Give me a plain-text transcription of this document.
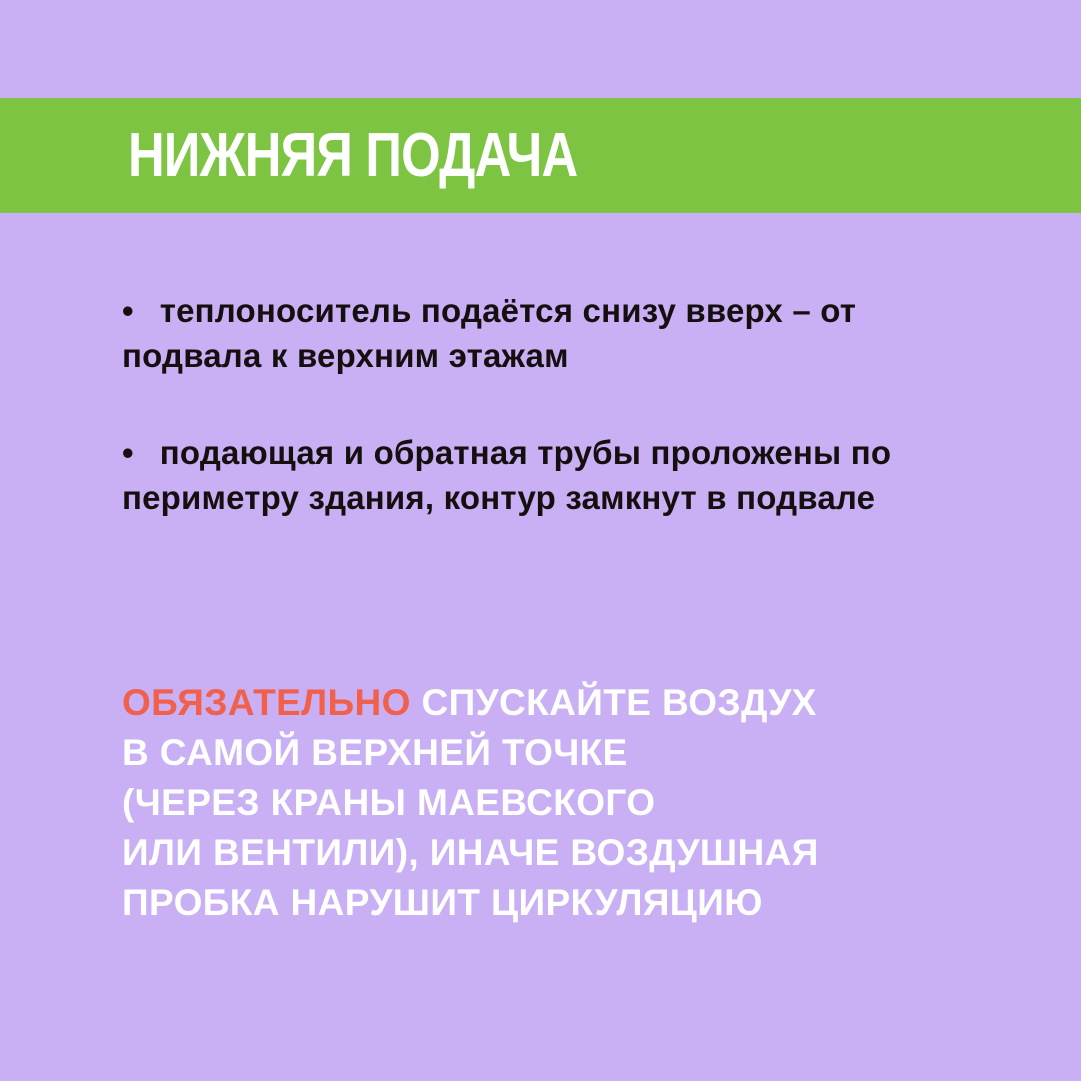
НИЖНЯЯ ПОДАЧА
• теплоноситель подаётся снизу вверх – от подвала к верхним этажам
• подающая и обратная трубы проложены по периметру здания, контур замкнут в подвале
ОБЯЗАТЕЛЬНО СПУСКАЙТЕ ВОЗДУХ
В САМОЙ ВЕРХНЕЙ ТОЧКЕ
(ЧЕРЕЗ КРАНЫ МАЕВСКОГО
ИЛИ ВЕНТИЛИ), ИНАЧЕ ВОЗДУШНАЯ
ПРОБКА НАРУШИТ ЦИРКУЛЯЦИЮ
